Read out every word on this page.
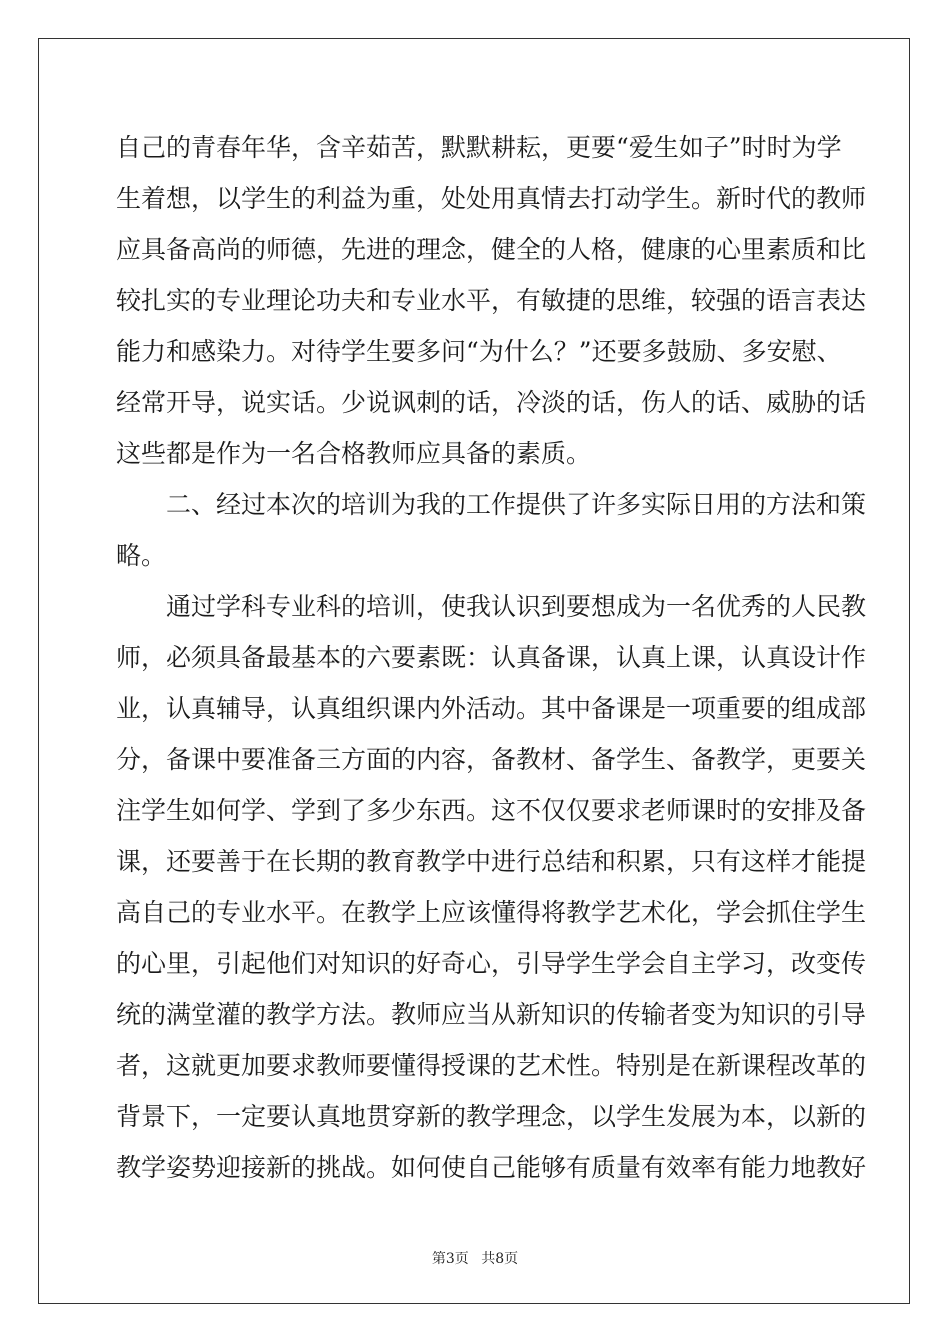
自己的青春年华，含辛茹苦，默默耕耘，更要“爱生如子”时时为学
生着想，以学生的利益为重，处处用真情去打动学生。新时代的教师
应具备高尚的师德，先进的理念，健全的人格，健康的心里素质和比
较扎实的专业理论功夫和专业水平，有敏捷的思维，较强的语言表达
能力和感染力。对待学生要多问“为什么？”还要多鼓励、多安慰、
经常开导，说实话。少说讽刺的话，冷淡的话，伤人的话、威胁的话
这些都是作为一名合格教师应具备的素质。
　　二、经过本次的培训为我的工作提供了许多实际日用的方法和策
略。
　　通过学科专业科的培训，使我认识到要想成为一名优秀的人民教
师，必须具备最基本的六要素既：认真备课，认真上课，认真设计作
业，认真辅导，认真组织课内外活动。其中备课是一项重要的组成部
分，备课中要准备三方面的内容，备教材、备学生、备教学，更要关
注学生如何学、学到了多少东西。这不仅仅要求老师课时的安排及备
课，还要善于在长期的教育教学中进行总结和积累，只有这样才能提
高自己的专业水平。在教学上应该懂得将教学艺术化，学会抓住学生
的心里，引起他们对知识的好奇心，引导学生学会自主学习，改变传
统的满堂灌的教学方法。教师应当从新知识的传输者变为知识的引导
者，这就更加要求教师要懂得授课的艺术性。特别是在新课程改革的
背景下，一定要认真地贯穿新的教学理念，以学生发展为本，以新的
教学姿势迎接新的挑战。如何使自己能够有质量有效率有能力地教好
第3页 共8页
